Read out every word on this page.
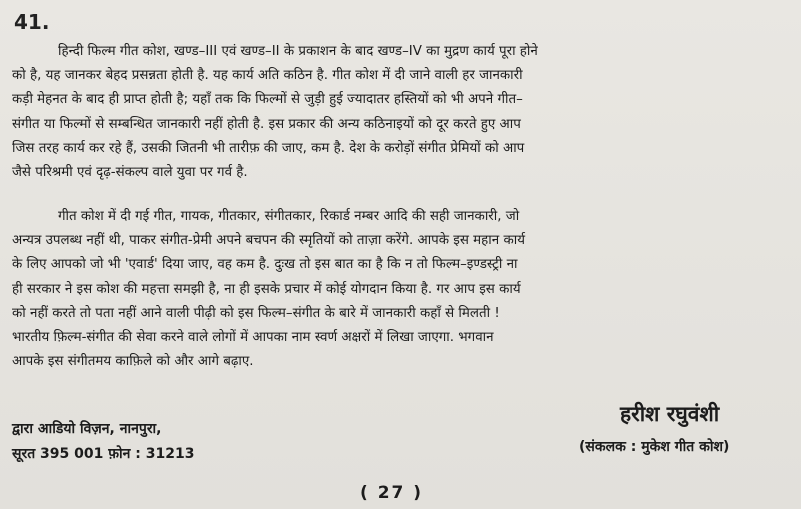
41.
हिन्दी फिल्म गीत कोश, खण्ड–III एवं खण्ड–II के प्रकाशन के बाद खण्ड–IV का मुद्रण कार्य पूरा होने
को है, यह जानकर बेहद प्रसन्नता होती है. यह कार्य अति कठिन है. गीत कोश में दी जाने वाली हर जानकारी
कड़ी मेहनत के बाद ही प्राप्त होती है; यहाँ तक कि फिल्मों से जुड़ी हुई ज्यादातर हस्तियों को भी अपने गीत–
संगीत या फिल्मों से सम्बन्धित जानकारी नहीं होती है. इस प्रकार की अन्य कठिनाइयों को दूर करते हुए आप
जिस तरह कार्य कर रहे हैं, उसकी जितनी भी तारीफ़ की जाए, कम है. देश के करोड़ों संगीत प्रेमियों को आप
जैसे परिश्रमी एवं दृढ़-संकल्प वाले युवा पर गर्व है.
गीत कोश में दी गई गीत, गायक, गीतकार, संगीतकार, रिकार्ड नम्बर आदि की सही जानकारी, जो
अन्यत्र उपलब्ध नहीं थी, पाकर संगीत-प्रेमी अपने बचपन की स्मृतियों को ताज़ा करेंगे. आपके इस महान कार्य
के लिए आपको जो भी 'एवार्ड' दिया जाए, वह कम है. दुःख तो इस बात का है कि न तो फिल्म–इण्डस्ट्री ना
ही सरकार ने इस कोश की महत्ता समझी है, ना ही इसके प्रचार में कोई योगदान किया है. गर आप इस कार्य
को नहीं करते तो पता नहीं आने वाली पीढ़ी को इस फिल्म–संगीत के बारे में जानकारी कहाँ से मिलती !
भारतीय फ़िल्म-संगीत की सेवा करने वाले लोगों में आपका नाम स्वर्ण अक्षरों में लिखा जाएगा. भगवान
आपके इस संगीतमय काफ़िले को और आगे बढ़ाए.
द्वारा आडियो विज़न, नानपुरा,
सूरत 395 001 फ़ोन : 31213
हरीश रघुवंशी
(संकलक : मुकेश गीत कोश)
( 27 )
